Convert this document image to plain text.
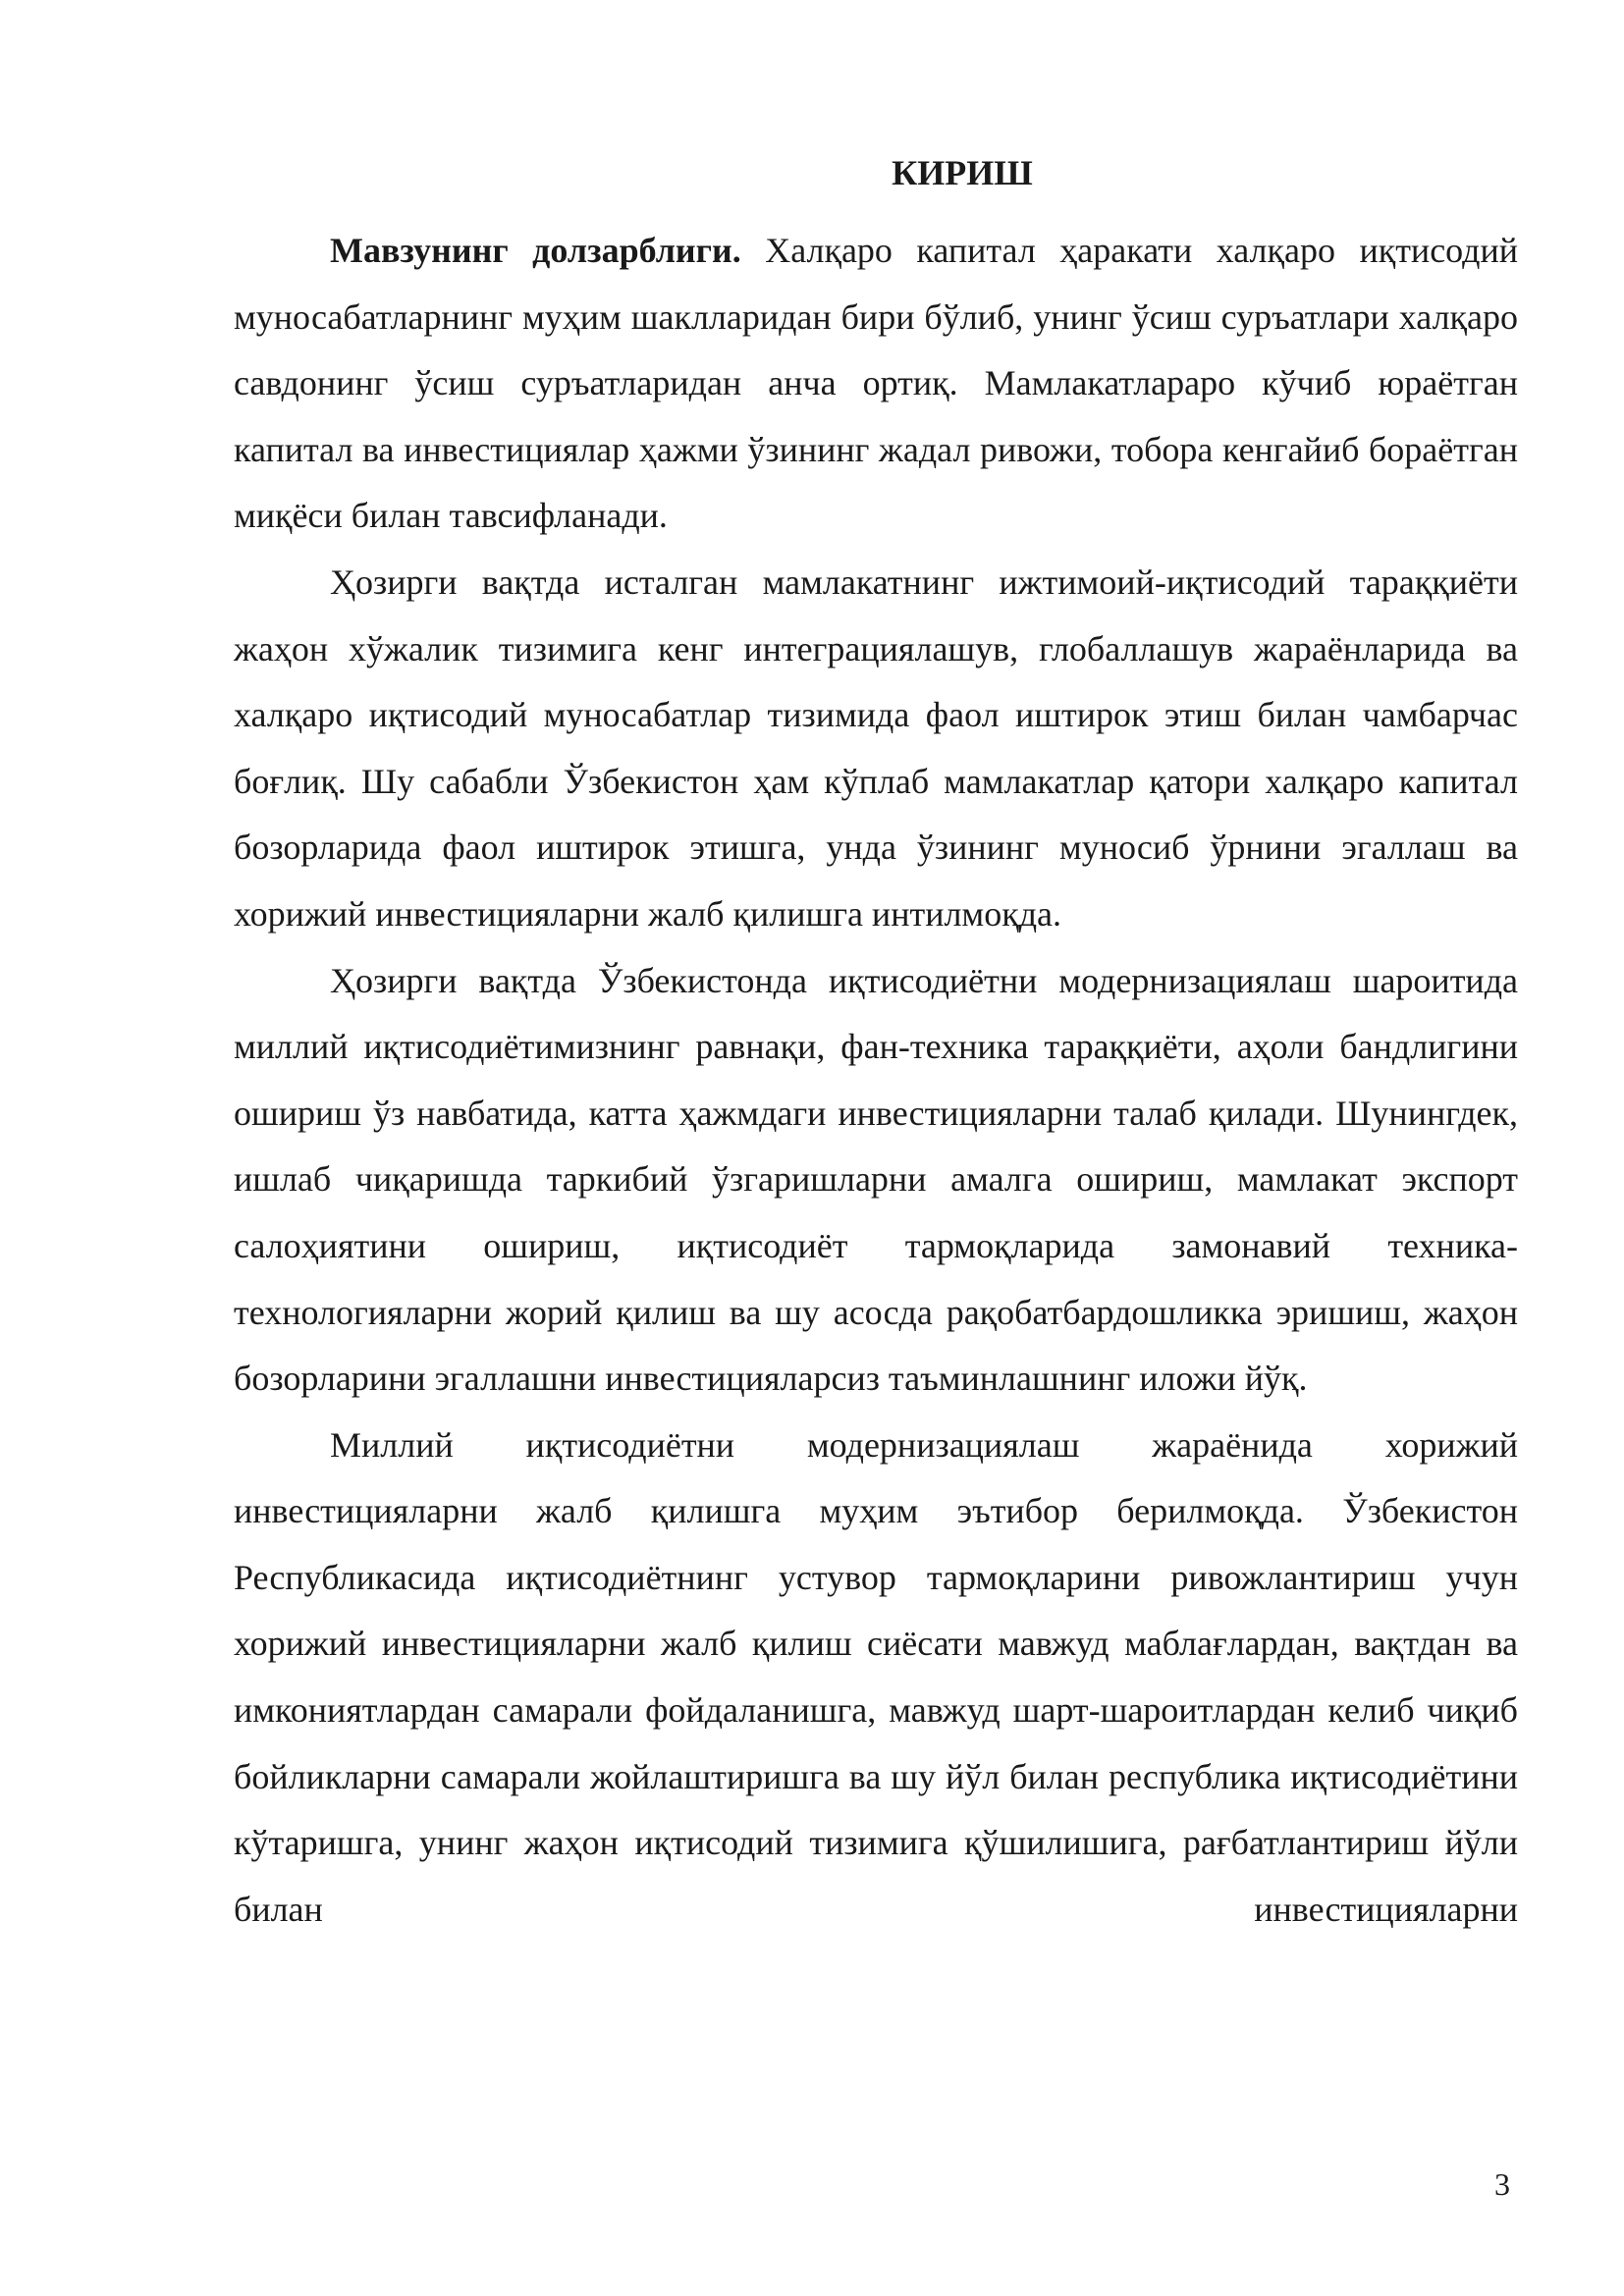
КИРИШ

Мавзунинг долзарблиги. Халқаро капитал ҳаракати халқаро иқтисодий муносабатларнинг муҳим шаклларидан бири бўлиб, унинг ўсиш суръатлари халқаро савдонинг ўсиш суръатларидан анча ортиқ. Мамлакатлараро кўчиб юраётган капитал ва инвестициялар ҳажми ўзининг жадал ривожи, тобора кенгайиб бораётган миқёси билан тавсифланади.

Ҳозирги вақтда исталган мамлакатнинг ижтимоий-иқтисодий тараққиёти жаҳон хўжалик тизимига кенг интеграциялашув, глобаллашув жараёнларида ва халқаро иқтисодий муносабатлар тизимида фаол иштирок этиш билан чамбарчас боғлиқ. Шу сабабли Ўзбекистон ҳам кўплаб мамлакатлар қатори халқаро капитал бозорларида фаол иштирок этишга, унда ўзининг муносиб ўрнини эгаллаш ва хорижий инвестицияларни жалб қилишга интилмоқда.

Ҳозирги вақтда Ўзбекистонда иқтисодиётни модернизациялаш шароитида миллий иқтисодиётимизнинг равнақи, фан-техника тараққиёти, аҳоли бандлигини ошириш ўз навбатида, катта ҳажмдаги инвестицияларни талаб қилади. Шунингдек, ишлаб чиқаришда таркибий ўзгаришларни амалга ошириш, мамлакат экспорт салоҳиятини ошириш, иқтисодиёт тармоқларида замонавий техника-технологияларни жорий қилиш ва шу асосда рақобатбардошликка эришиш, жаҳон бозорларини эгаллашни инвестицияларсиз таъминлашнинг иложи йўқ.

Миллий иқтисодиётни модернизациялаш жараёнида хорижий инвестицияларни жалб қилишга муҳим эътибор берилмоқда. Ўзбекистон Республикасида иқтисодиётнинг устувор тармоқларини ривожлантириш учун хорижий инвестицияларни жалб қилиш сиёсати мавжуд маблағлардан, вақтдан ва имкониятлардан самарали фойдаланишга, мавжуд шарт-шароитлардан келиб чиқиб бойликларни самарали жойлаштиришга ва шу йўл билан республика иқтисодиётини кўтаришга, унинг жаҳон иқтисодий тизимига қўшилишига, рағбатлантириш йўли билан инвестицияларни

3
